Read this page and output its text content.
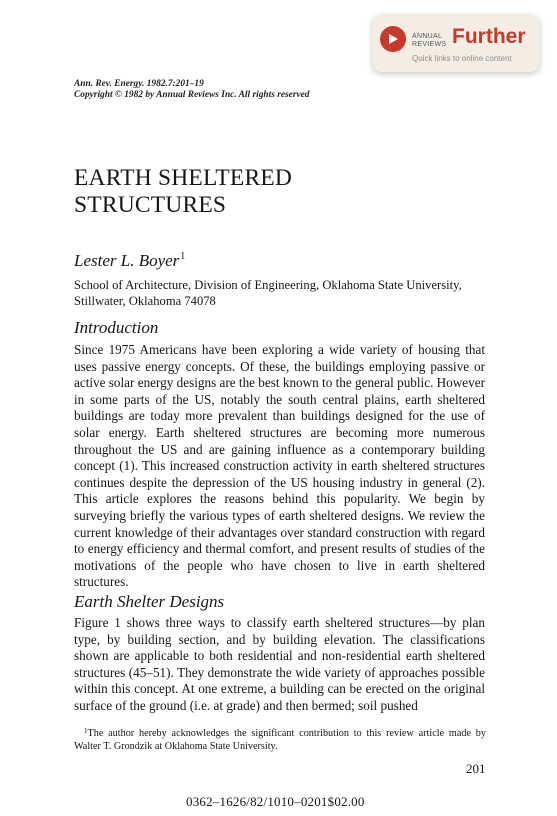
ANNUAL REVIEWS Further
Quick links to online content
Ann. Rev. Energy. 1982.7:201–19
Copyright © 1982 by Annual Reviews Inc. All rights reserved
EARTH SHELTERED
STRUCTURES
Lester L. Boyer$^1$
School of Architecture, Division of Engineering, Oklahoma State University,
Stillwater, Oklahoma 74078
Introduction

Since 1975 Americans have been exploring a wide variety of housing that uses passive energy concepts. Of these, the buildings employing passive or active solar energy designs are the best known to the general public. However in some parts of the US, notably the south central plains, earth sheltered buildings are today more prevalent than buildings designed for the use of solar energy. Earth sheltered structures are becoming more numerous throughout the US and are gaining influence as a contemporary building concept (1). This increased construction activity in earth sheltered structures continues despite the depression of the US housing industry in general (2). This article explores the reasons behind this popularity. We begin by surveying briefly the various types of earth sheltered designs. We review the current knowledge of their advantages over standard construction with regard to energy efficiency and thermal comfort, and present results of studies of the motivations of the people who have chosen to live in earth sheltered structures.

Earth Shelter Designs

Figure 1 shows three ways to classify earth sheltered structures—by plan type, by building section, and by building elevation. The classifications shown are applicable to both residential and non-residential earth sheltered structures (45–51). They demonstrate the wide variety of approaches possible within this concept. At one extreme, a building can be erected on the original surface of the ground (i.e. at grade) and then bermed; soil pushed

$^1$The author hereby acknowledges the significant contribution to this review article made by Walter T. Grondzik at Oklahoma State University.
201
0362–1626/82/1010–0201$02.00
